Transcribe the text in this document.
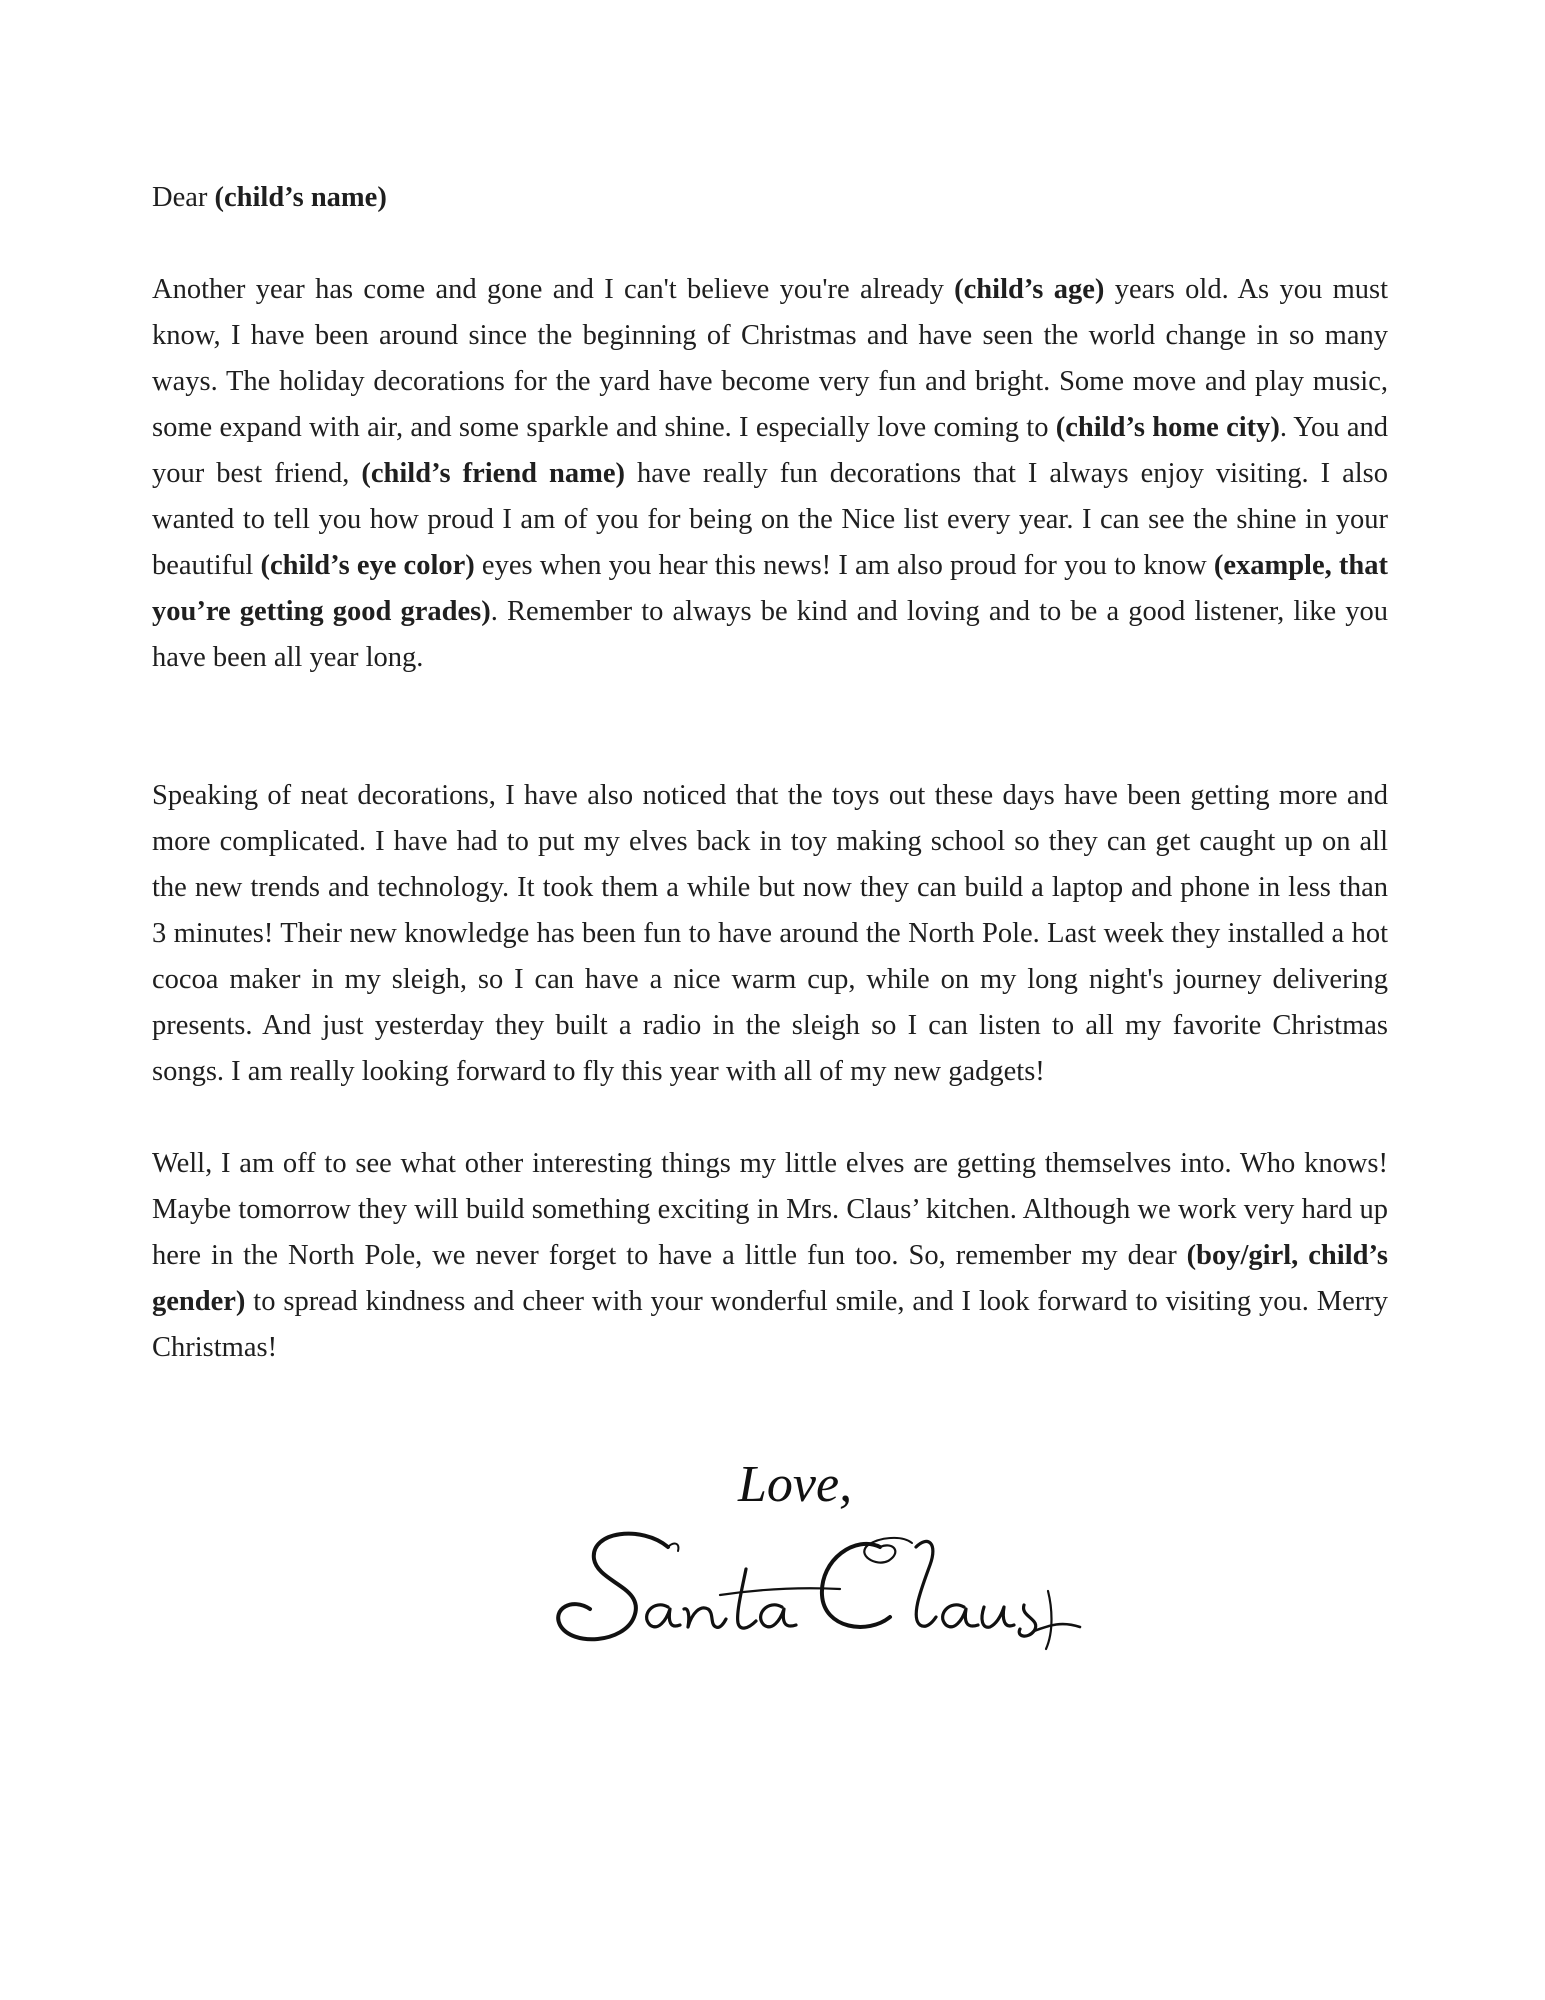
Dear (child’s name)

Another year has come and gone and I can't believe you're already (child’s age) years old. As you must know, I have been around since the beginning of Christmas and have seen the world change in so many ways. The holiday decorations for the yard have become very fun and bright. Some move and play music, some expand with air, and some sparkle and shine. I especially love coming to (child’s home city). You and your best friend, (child’s friend name) have really fun decorations that I always enjoy visiting. I also wanted to tell you how proud I am of you for being on the Nice list every year. I can see the shine in your beautiful (child’s eye color) eyes when you hear this news! I am also proud for you to know (example, that you’re getting good grades). Remember to always be kind and loving and to be a good listener, like you have been all year long.

Speaking of neat decorations, I have also noticed that the toys out these days have been getting more and more complicated. I have had to put my elves back in toy making school so they can get caught up on all the new trends and technology. It took them a while but now they can build a laptop and phone in less than 3 minutes! Their new knowledge has been fun to have around the North Pole. Last week they installed a hot cocoa maker in my sleigh, so I can have a nice warm cup, while on my long night's journey delivering presents. And just yesterday they built a radio in the sleigh so I can listen to all my favorite Christmas songs. I am really looking forward to fly this year with all of my new gadgets!

Well, I am off to see what other interesting things my little elves are getting themselves into. Who knows! Maybe tomorrow they will build something exciting in Mrs. Claus’ kitchen. Although we work very hard up here in the North Pole, we never forget to have a little fun too. So, remember my dear (boy/girl, child’s gender) to spread kindness and cheer with your wonderful smile, and I look forward to visiting you. Merry Christmas!

Love,
